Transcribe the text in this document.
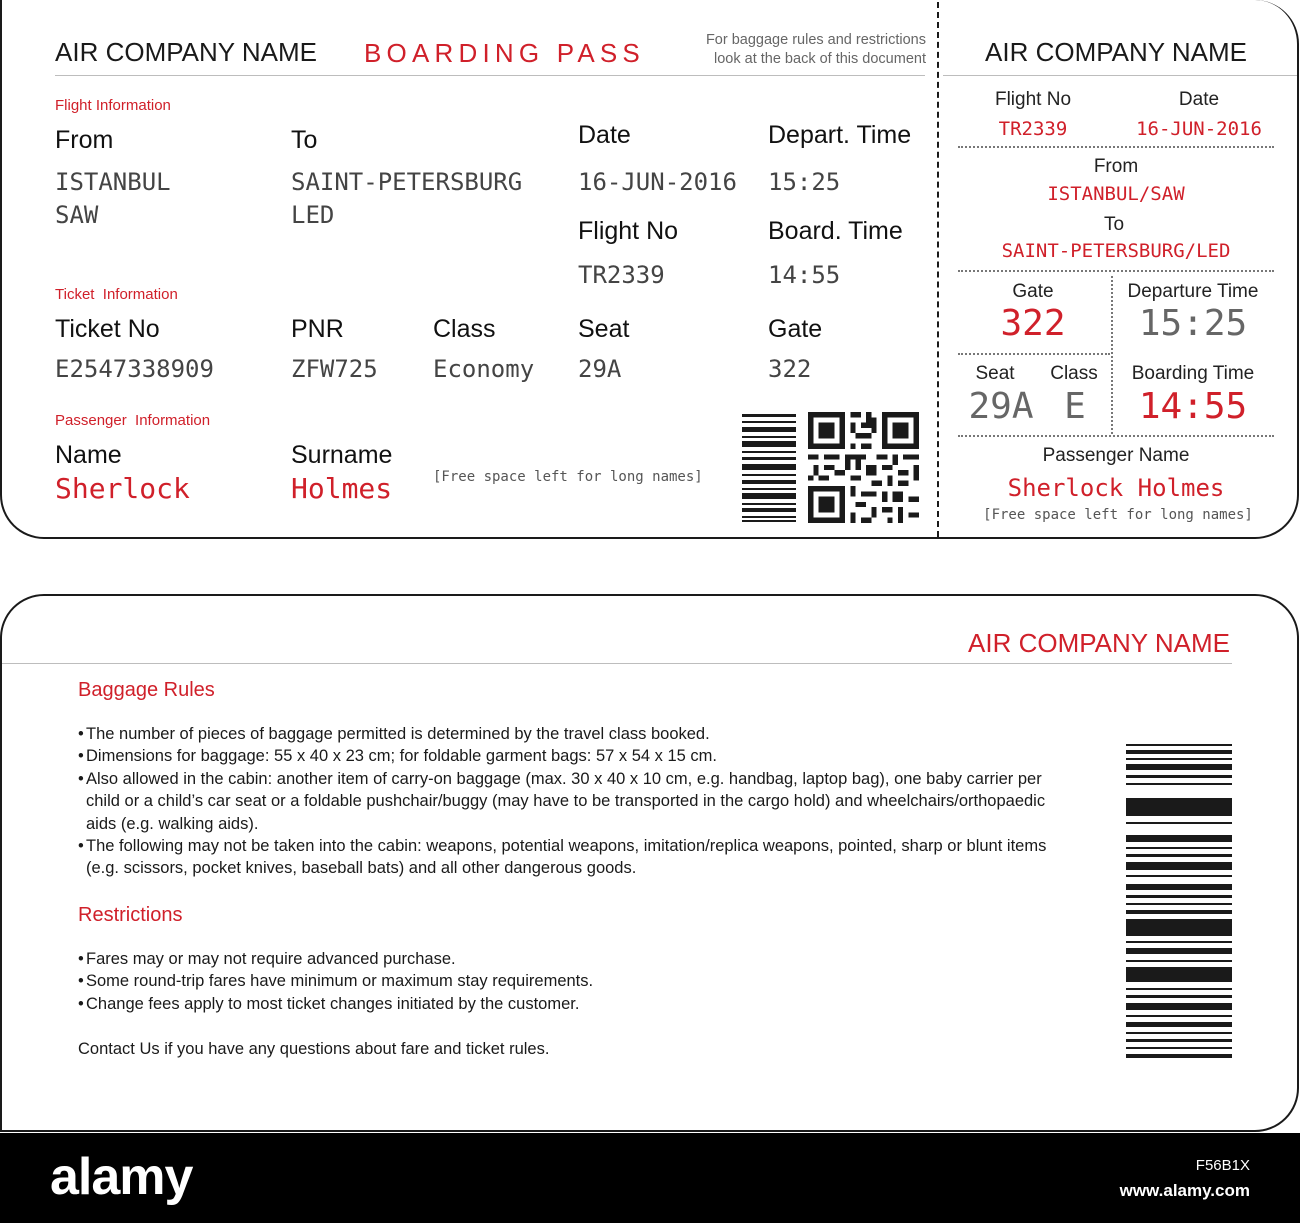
AIR COMPANY NAME BOARDING PASS	For baggage rules and restrictions
look at the back of this document
Flight Information
From
ISTANBUL
SAW
To
SAINT-PETERSBURG
LED
Date
16-JUN-2016
Depart. Time
15:25
Flight No
TR2339
Board. Time
14:55
Ticket  Information
Ticket No
E2547338909
PNR
ZFW725
Class
Economy
Seat
29A
Gate
322
Passenger  Information
Name
Sherlock
Surname
Holmes	[Free space left for long names]
AIR COMPANY NAME
Flight No
TR2339
Date
16-JUN-2016
From
ISTANBUL/SAW
To
SAINT-PETERSBURG/LED
Gate
322
Departure Time
15:25
Seat
29A
Class
E
Boarding Time
14:55
Passenger Name
Sherlock Holmes
[Free space left for long names]
AIR COMPANY NAME
Baggage Rules
• The number of pieces of baggage permitted is determined by the travel class booked.
• Dimensions for baggage: 55 x 40 x 23 cm; for foldable garment bags: 57 x 54 x 15 cm.
• Also allowed in the cabin: another item of carry-on baggage (max. 30 x 40 x 10 cm, e.g. handbag, laptop bag), one baby carrier per child or a child’s car seat or a foldable pushchair/buggy (may have to be transported in the cargo hold) and wheelchairs/orthopaedic aids (e.g. walking aids).
• The following may not be taken into the cabin: weapons, potential weapons, imitation/replica weapons, pointed, sharp or blunt items (e.g. scissors, pocket knives, baseball bats) and all other dangerous goods.
Restrictions
• Fares may or may not require advanced purchase.
• Some round-trip fares have minimum or maximum stay requirements.
• Change fees apply to most ticket changes initiated by the customer.
Contact Us if you have any questions about fare and ticket rules.
alamy	F56B1X
www.alamy.com
